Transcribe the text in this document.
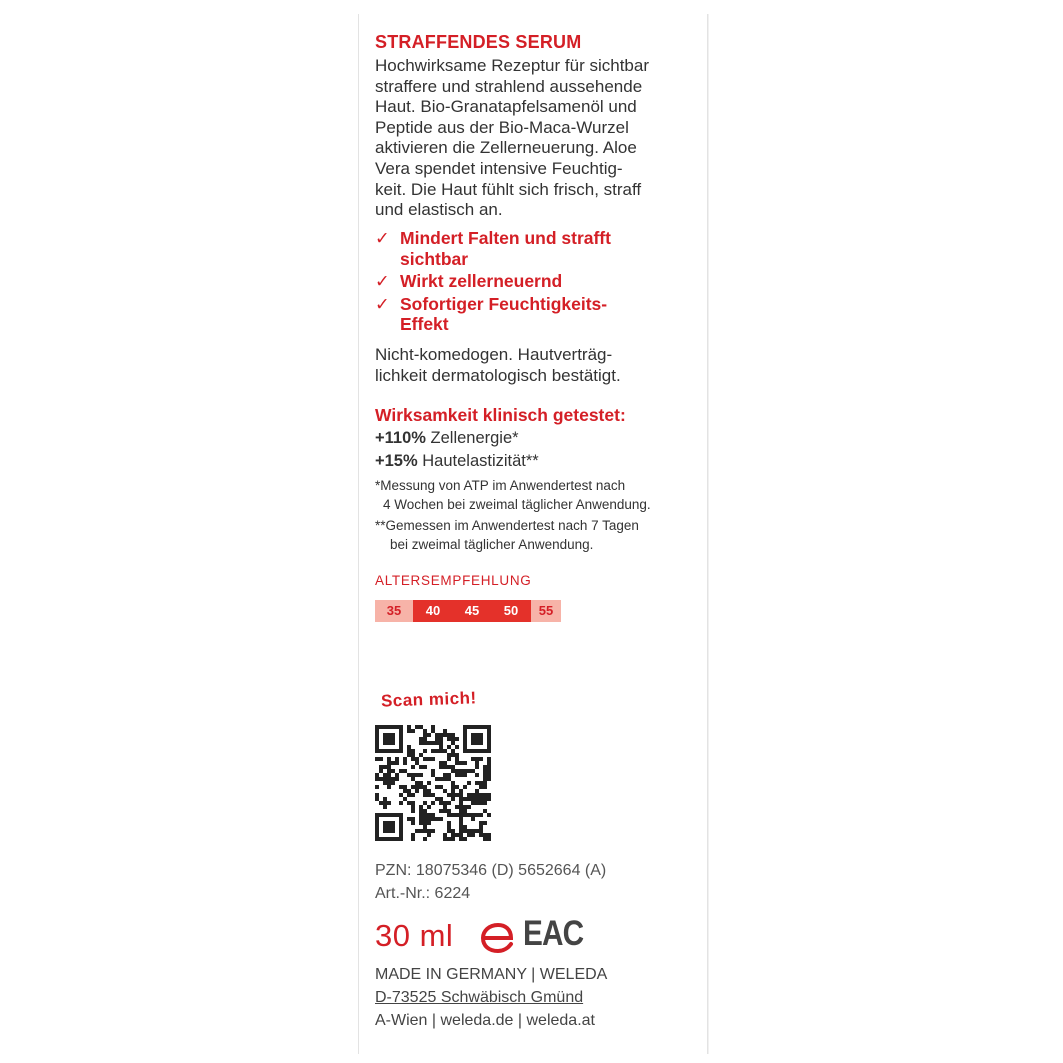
STRAFFENDES SERUM
Hochwirksame Rezeptur für sichtbar
straffere und strahlend aussehende
Haut. Bio-Granatapfelsamenöl und
Peptide aus der Bio-Maca-Wurzel
aktivieren die Zellerneuerung. Aloe
Vera spendet intensive Feuchtig-
keit. Die Haut fühlt sich frisch, straff
und elastisch an.
✓ Mindert Falten und strafft
sichtbar
✓ Wirkt zellerneuernd
✓ Sofortiger Feuchtigkeits-
Effekt
Nicht-komedogen. Hautverträg-
lichkeit dermatologisch bestätigt.
Wirksamkeit klinisch getestet:
+110% Zellenergie*
+15% Hautelastizität**
*Messung von ATP im Anwendertest nach
4 Wochen bei zweimal täglicher Anwendung.
**Gemessen im Anwendertest nach 7 Tagen
bei zweimal täglicher Anwendung.
ALTERSEMPFEHLUNG
35	40	45	50	55
Scan mich!
PZN: 18075346 (D) 5652664 (A)
Art.-Nr.: 6224
30 ml
MADE IN GERMANY | WELEDA
D-73525 Schwäbisch Gmünd
A-Wien | weleda.de | weleda.at
EAC
